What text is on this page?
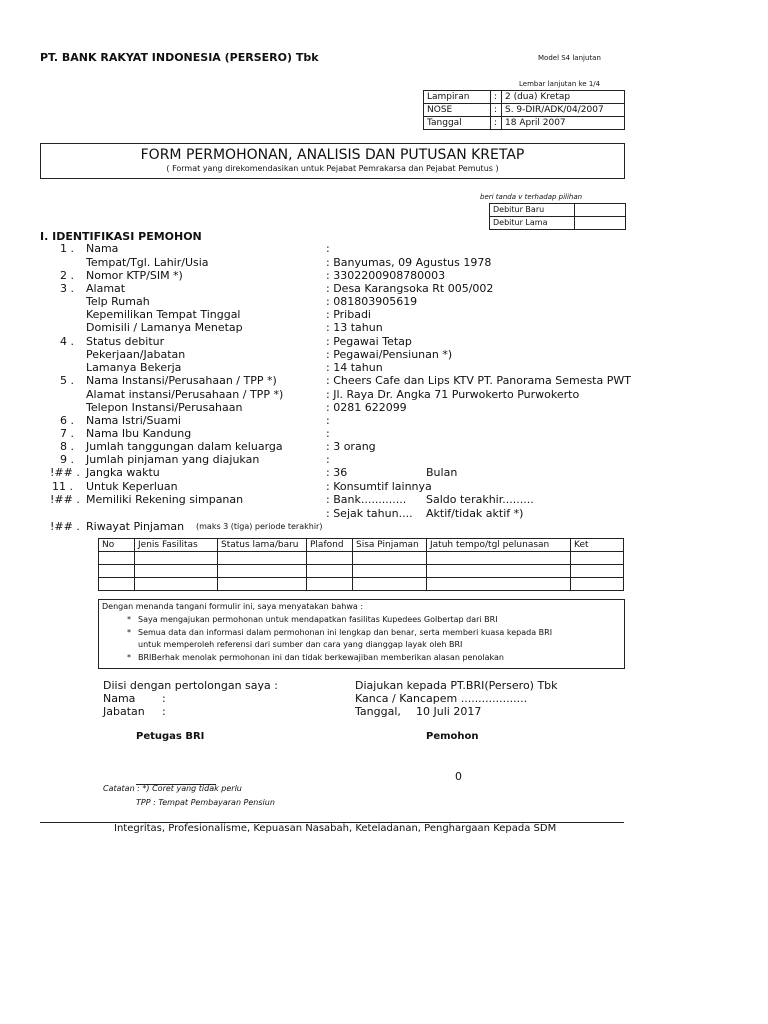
PT. BANK RAKYAT INDONESIA (PERSERO) Tbk	Model S4 lanjutan
Lembar lanjutan ke 1/4
Lampiran	:	2 (dua) Kretap
NOSE	:	S. 9-DIR/ADK/04/2007
Tanggal	:	18 April 2007
FORM PERMOHONAN, ANALISIS DAN PUTUSAN KRETAP
( Format yang direkomendasikan untuk Pejabat Pemrakarsa dan Pejabat Pemutus )
beri tanda v terhadap pilihan
Debitur Baru	
Debitur Lama	
I. IDENTIFIKASI PEMOHON
1 . Nama	:
Tempat/Tgl. Lahir/Usia	: Banyumas, 09 Agustus 1978
2 . Nomor KTP/SIM *)	: 3302200908780003
3 . Alamat	: Desa Karangsoka Rt 005/002
Telp Rumah	: 081803905619
Kepemilikan Tempat Tinggal	: Pribadi
Domisili / Lamanya Menetap	: 13 tahun
4 . Status debitur	: Pegawai Tetap
Pekerjaan/Jabatan	: Pegawai/Pensiunan *)
Lamanya Bekerja	: 14 tahun
5 . Nama Instansi/Perusahaan / TPP *)	: Cheers Cafe dan Lips KTV PT. Panorama Semesta PWT
Alamat instansi/Perusahaan / TPP *)	: Jl. Raya Dr. Angka 71 Purwokerto Purwokerto
Telepon Instansi/Perusahaan	: 0281 622099
6 . Nama Istri/Suami	:
7 . Nama Ibu Kandung	:
8 . Jumlah tanggungan dalam keluarga	: 3 orang
9 . Jumlah pinjaman yang diajukan	:
!## . Jangka waktu	: 36	Bulan
11 . Untuk Keperluan	: Konsumtif lainnya
!## . Memiliki Rekening simpanan	: Bank............. Saldo terakhir.........
: Sejak tahun.... Aktif/tidak aktif *)
!## . Riwayat Pinjaman (maks 3 (tiga) periode terakhir)
No	Jenis Fasilitas	Status lama/baru	Plafond	Sisa Pinjaman	Jatuh tempo/tgl pelunasan	Ket

Dengan menanda tangani formulir ini, saya menyatakan bahwa :
* Saya mengajukan permohonan untuk mendapatkan fasilitas Kupedees Golbertap dari BRI
* Semua data dan informasi dalam permohonan ini lengkap dan benar, serta memberi kuasa kepada BRI
untuk memperoleh referensi dari sumber dan cara yang dianggap layak oleh BRI
* BRIBerhak menolak permohonan ini dan tidak berkewajiban memberikan alasan penolakan
Diisi dengan pertolongan saya :
Nama :
Jabatan :
Diajukan kepada PT.BRI(Persero) Tbk
Kanca / Kancapem ...................
Tanggal, 10 Juli 2017
Petugas BRI	Pemohon
0
Catatan : *) Coret yang tidak perlu
TPP : Tempat Pembayaran Pensiun
Integritas, Profesionalisme, Kepuasan Nasabah, Keteladanan, Penghargaan Kepada SDM
